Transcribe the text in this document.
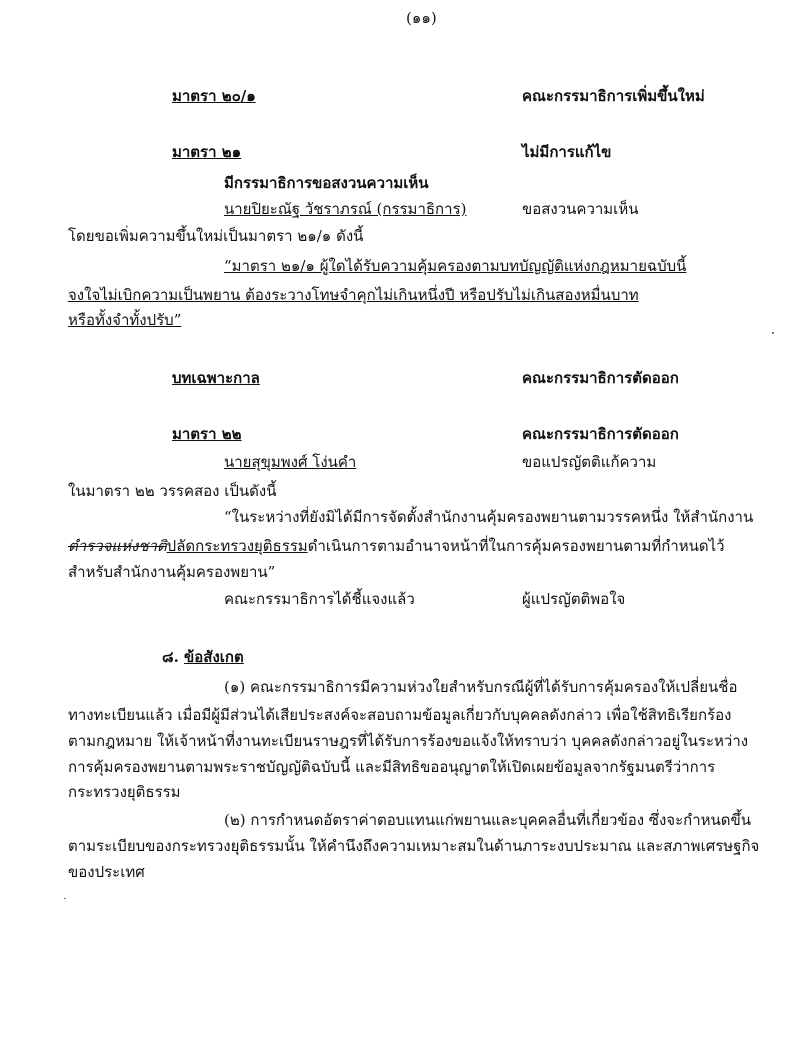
(๑๑)
มาตรา ๒๐/๑	คณะกรรมาธิการเพิ่มขึ้นใหม่
มาตรา ๒๑	ไม่มีการแก้ไข
มีกรรมาธิการขอสงวนความเห็น
นายปิยะณัฐ วัชราภรณ์ (กรรมาธิการ)	ขอสงวนความเห็น
โดยขอเพิ่มความขึ้นใหม่เป็นมาตรา ๒๑/๑ ดังนี้
“มาตรา ๒๑/๑ ผู้ใดได้รับความคุ้มครองตามบทบัญญัติแห่งกฎหมายฉบับนี้
จงใจไม่เบิกความเป็นพยาน ต้องระวางโทษจำคุกไม่เกินหนึ่งปี หรือปรับไม่เกินสองหมื่นบาท
หรือทั้งจำทั้งปรับ”
บทเฉพาะกาล	คณะกรรมาธิการตัดออก
มาตรา ๒๒	คณะกรรมาธิการตัดออก
นายสุขุมพงศ์ โง่นคำ	ขอแปรญัตติแก้ความ
ในมาตรา ๒๒ วรรคสอง เป็นดังนี้
“ในระหว่างที่ยังมิได้มีการจัดตั้งสำนักงานคุ้มครองพยานตามวรรคหนึ่ง ให้สำนักงาน
ตำรวจแห่งชาติปลัดกระทรวงยุติธรรมดำเนินการตามอำนาจหน้าที่ในการคุ้มครองพยานตามที่กำหนดไว้
สำหรับสำนักงานคุ้มครองพยาน”
คณะกรรมาธิการได้ชี้แจงแล้ว	ผู้แปรญัตติพอใจ
๘. ข้อสังเกต
(๑) คณะกรรมาธิการมีความห่วงใยสำหรับกรณีผู้ที่ได้รับการคุ้มครองให้เปลี่ยนชื่อ
ทางทะเบียนแล้ว เมื่อมีผู้มีส่วนได้เสียประสงค์จะสอบถามข้อมูลเกี่ยวกับบุคคลดังกล่าว เพื่อใช้สิทธิเรียกร้อง
ตามกฎหมาย ให้เจ้าหน้าที่งานทะเบียนราษฎรที่ได้รับการร้องขอแจ้งให้ทราบว่า บุคคลดังกล่าวอยู่ในระหว่าง
การคุ้มครองพยานตามพระราชบัญญัติฉบับนี้ และมีสิทธิขออนุญาตให้เปิดเผยข้อมูลจากรัฐมนตรีว่าการ
กระทรวงยุติธรรม
(๒) การกำหนดอัตราค่าตอบแทนแก่พยานและบุคคลอื่นที่เกี่ยวข้อง ซึ่งจะกำหนดขึ้น
ตามระเบียบของกระทรวงยุติธรรมนั้น ให้คำนึงถึงความเหมาะสมในด้านภาระงบประมาณ และสภาพเศรษฐกิจ
ของประเทศ
